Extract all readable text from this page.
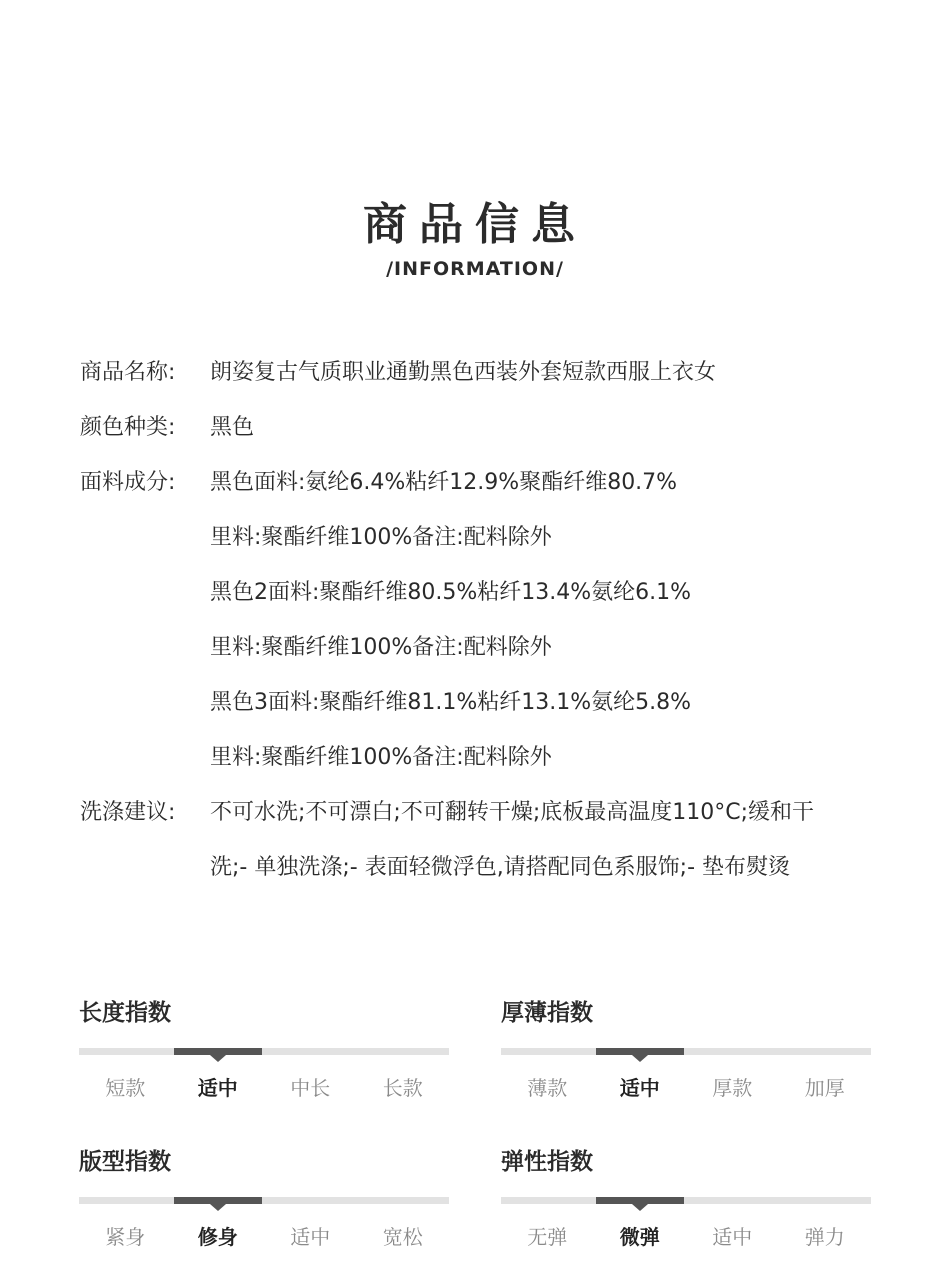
商品信息
/INFORMATION/
商品名称:	朗姿复古气质职业通勤黑色西装外套短款西服上衣女
颜色种类:	黑色
面料成分:	黑色面料:氨纶6.4%粘纤12.9%聚酯纤维80.7%
里料:聚酯纤维100%备注:配料除外
黑色2面料:聚酯纤维80.5%粘纤13.4%氨纶6.1%
里料:聚酯纤维100%备注:配料除外
黑色3面料:聚酯纤维81.1%粘纤13.1%氨纶5.8%
里料:聚酯纤维100%备注:配料除外
洗涤建议:	不可水洗;不可漂白;不可翻转干燥;底板最高温度110°C;缓和干
洗;- 单独洗涤;- 表面轻微浮色,请搭配同色系服饰;- 垫布熨烫
长度指数
短款	适中	中长	长款
厚薄指数
薄款	适中	厚款	加厚
版型指数
紧身	修身	适中	宽松
弹性指数
无弹	微弹	适中	弹力
